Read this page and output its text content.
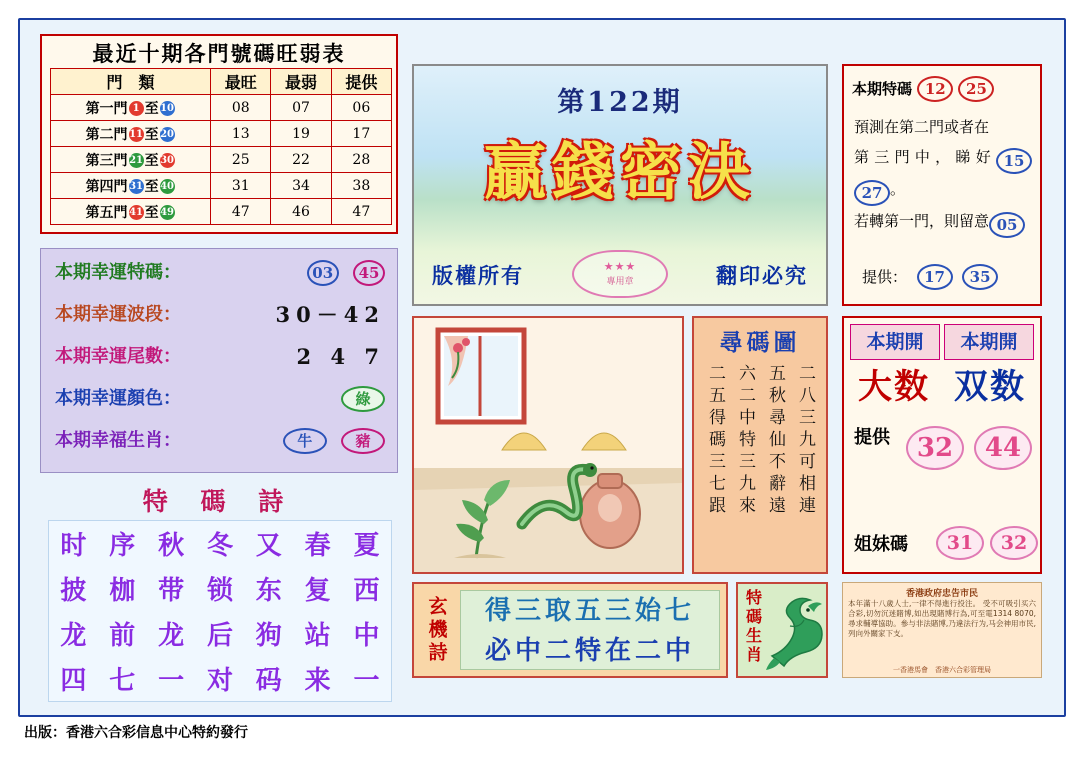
最近十期各門號碼旺弱表
門　類	最旺	最弱	提供
第一門 1 至 10	08	07	06
第二門 11 至 20	13	19	17
第三門 21 至 30	25	22	28
第四門 31 至 40	31	34	38
第五門 41 至 49	47	46	47
第122期
贏錢密決
版權所有	翻印必究
★★★
專用章
本期特碼 12 25
預測在第二門或者在
第三門中，睇好 15 27 。
若轉第一門，則留意 05
提供： 17 35
本期幸運特碼：	03 45
本期幸運波段：	30－42
本期幸運尾數：	2 4 7
本期幸運顏色：	綠
本期幸福生肖：	牛	豬
特 碼 詩
时 序 秋 冬 又 春 夏
披 枷 带 锁 东 复 西
龙 前 龙 后 狗 站 中
四 七 一 对 码 来 一
尋碼圖
二五得碼三七跟 六二中特三九來 五秋尋仙不辭遠 二八三九可相連
本期開	本期開
大数 双数
提供	32	44
姐妹碼	31	32
玄機詩	得三取五三始七
必中二特在二中
特碼生肖
香港政府忠告市民
本年滿十八歲人士,一律不得進行投注。 受不可吸引买六合彩,切勿沉迷賭博,如出現賭博行為,可至電1314 8070,尋求輔導協助。參与非法賭博,乃違法行为,马会神用市民,列向外關家下支。
一香港馬會　香港六合彩管理局
出版：香港六合彩信息中心特約發行
